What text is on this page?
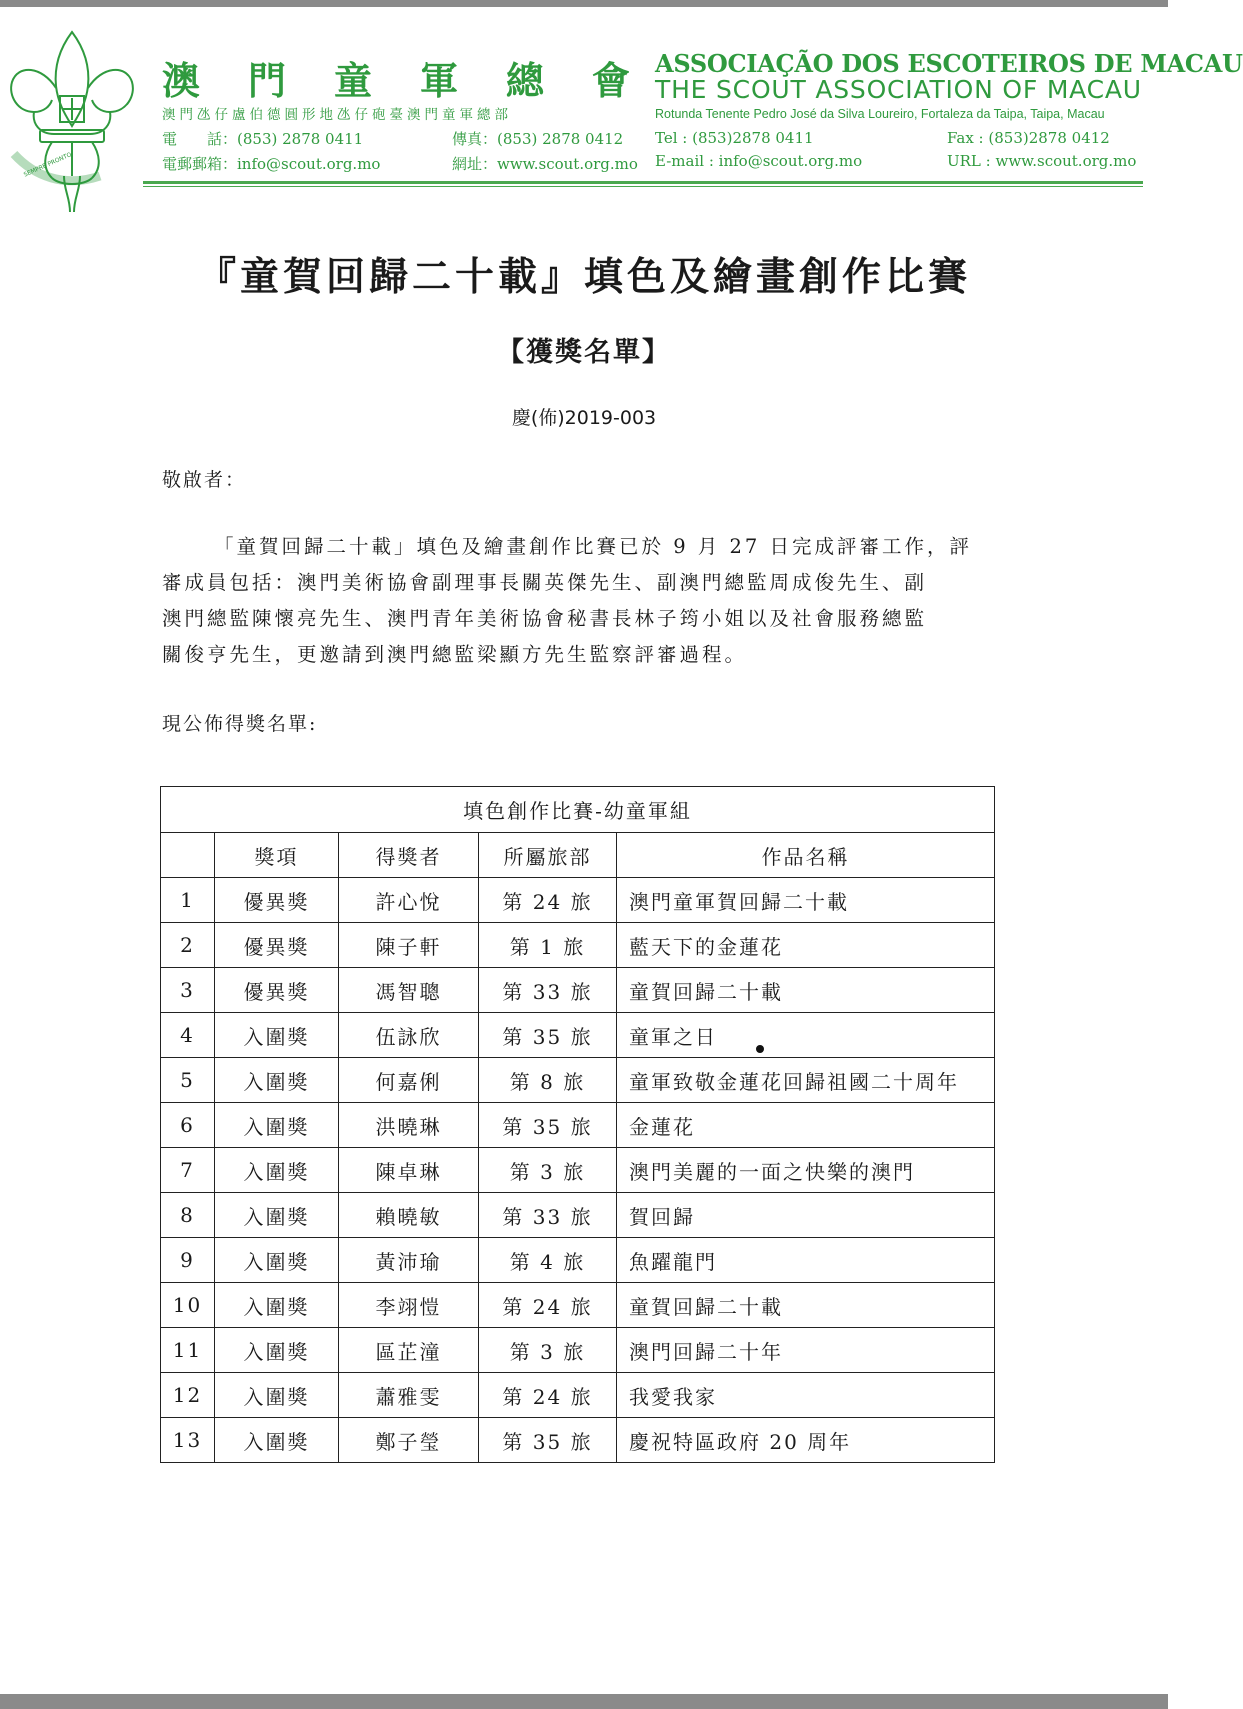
SEMPRE PRONTO
澳 門 童 軍 總 會
澳門氹仔盧伯德圓形地氹仔砲臺澳門童軍總部
電　　話：(853) 2878 0411	傳真：(853) 2878 0412
電郵郵箱：info@scout.org.mo	網址：www.scout.org.mo
ASSOCIAÇÃO DOS ESCOTEIROS DE MACAU
THE SCOUT ASSOCIATION OF MACAU
Rotunda Tenente Pedro José da Silva Loureiro, Fortaleza da Taipa, Taipa, Macau
Tel : (853)2878 0411	Fax : (853)2878 0412
E-mail : info@scout.org.mo	URL : www.scout.org.mo
『童賀回歸二十載』填色及繪畫創作比賽
【獲獎名單】
慶(佈)2019-003
敬啟者：
「童賀回歸二十載」填色及繪畫創作比賽已於 9 月 27 日完成評審工作，評
審成員包括：澳門美術協會副理事長關英傑先生、副澳門總監周成俊先生、副
澳門總監陳懷亮先生、澳門青年美術協會秘書長林子筠小姐以及社會服務總監
關俊亨先生，更邀請到澳門總監梁顯方先生監察評審過程。
現公佈得獎名單:
填色創作比賽-幼童軍組				
	獎項	得獎者	所屬旅部	作品名稱
1	優異獎	許心悅	第 24 旅	澳門童軍賀回歸二十載
2	優異獎	陳子軒	第 1 旅	藍天下的金蓮花
3	優異獎	馮智聰	第 33 旅	童賀回歸二十載
4	入圍獎	伍詠欣	第 35 旅	童軍之日
5	入圍獎	何嘉俐	第 8 旅	童軍致敬金蓮花回歸祖國二十周年
6	入圍獎	洪曉琳	第 35 旅	金蓮花
7	入圍獎	陳卓琳	第 3 旅	澳門美麗的一面之快樂的澳門
8	入圍獎	賴曉敏	第 33 旅	賀回歸
9	入圍獎	黃沛瑜	第 4 旅	魚躍龍門
10	入圍獎	李翊愷	第 24 旅	童賀回歸二十載
11	入圍獎	區芷潼	第 3 旅	澳門回歸二十年
12	入圍獎	蕭雅雯	第 24 旅	我愛我家
13	入圍獎	鄭子瑩	第 35 旅	慶祝特區政府 20 周年
